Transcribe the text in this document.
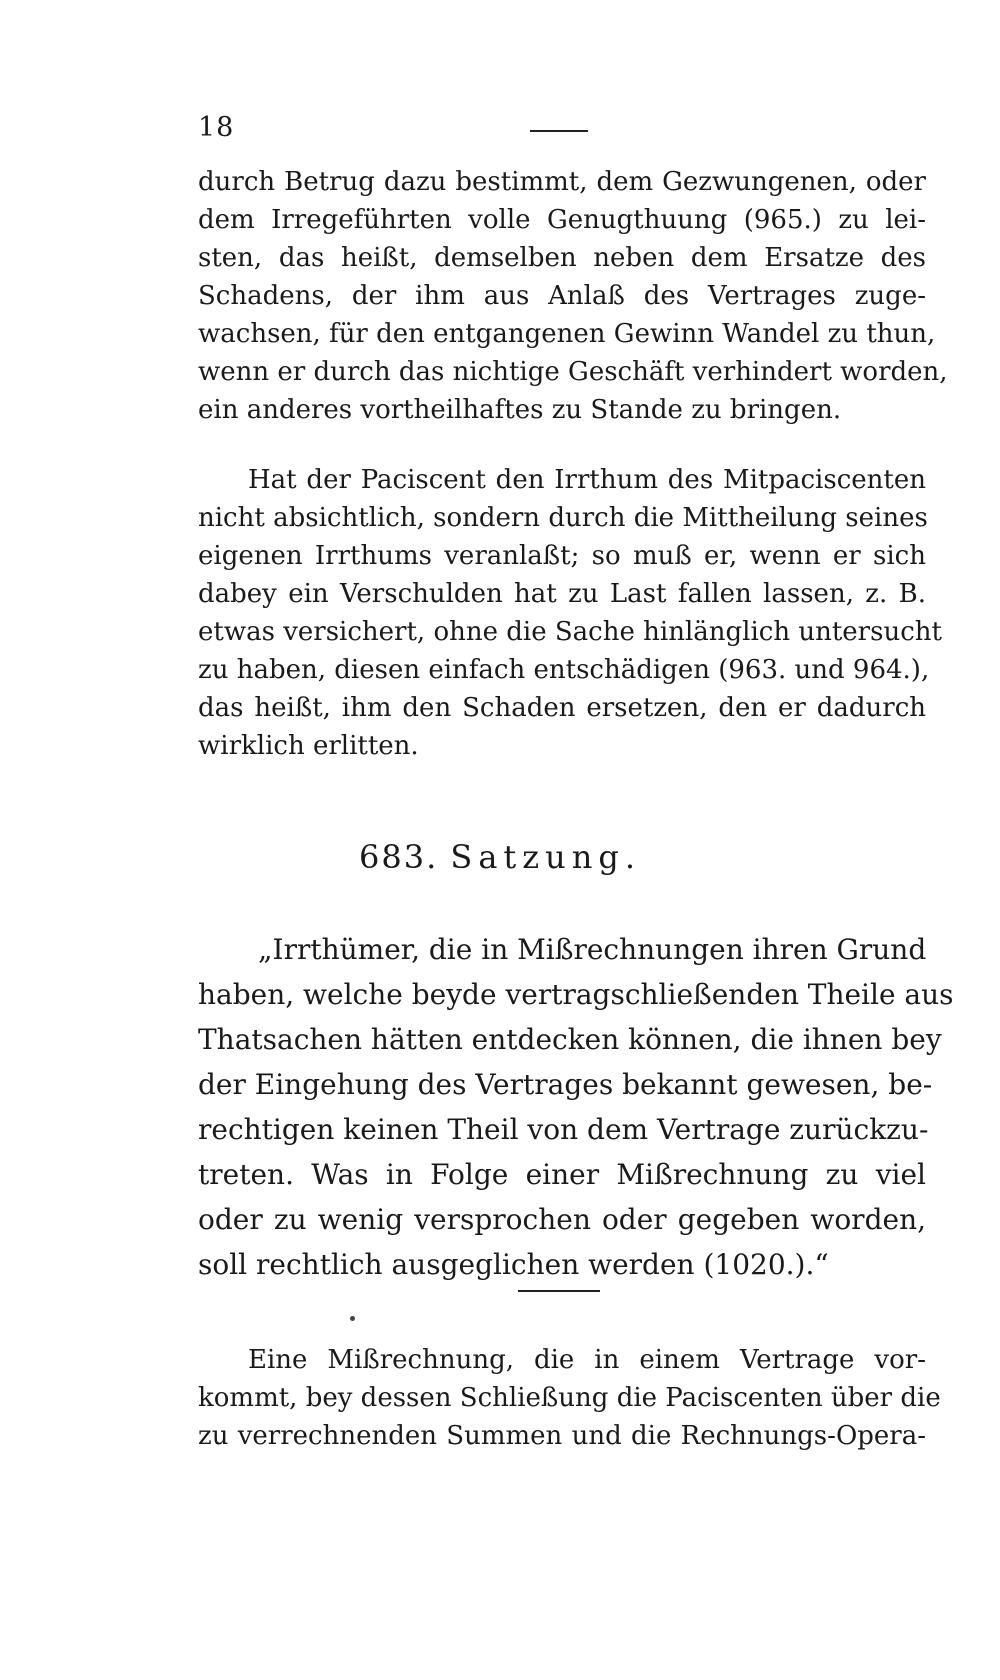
18
durch Betrug dazu bestimmt, dem Gezwungenen, oder
dem Irregeführten volle Genugthuung (965.) zu lei-
sten, das heißt, demselben neben dem Ersatze des
Schadens, der ihm aus Anlaß des Vertrages zuge-
wachsen, für den entgangenen Gewinn Wandel zu thun,
wenn er durch das nichtige Geschäft verhindert worden,
ein anderes vortheilhaftes zu Stande zu bringen.
Hat der Paciscent den Irrthum des Mitpaciscenten
nicht absichtlich, sondern durch die Mittheilung seines
eigenen Irrthums veranlaßt; so muß er, wenn er sich
dabey ein Verschulden hat zu Last fallen lassen, z. B.
etwas versichert, ohne die Sache hinlänglich untersucht
zu haben, diesen einfach entschädigen (963. und 964.),
das heißt, ihm den Schaden ersetzen, den er dadurch
wirklich erlitten.
683. Satzung.
„Irrthümer, die in Mißrechnungen ihren Grund
haben, welche beyde vertragschließenden Theile aus
Thatsachen hätten entdecken können, die ihnen bey
der Eingehung des Vertrages bekannt gewesen, be-
rechtigen keinen Theil von dem Vertrage zurückzu-
treten. Was in Folge einer Mißrechnung zu viel
oder zu wenig versprochen oder gegeben worden,
soll rechtlich ausgeglichen werden (1020.).“
Eine Mißrechnung, die in einem Vertrage vor-
kommt, bey dessen Schließung die Paciscenten über die
zu verrechnenden Summen und die Rechnungs-Opera-
